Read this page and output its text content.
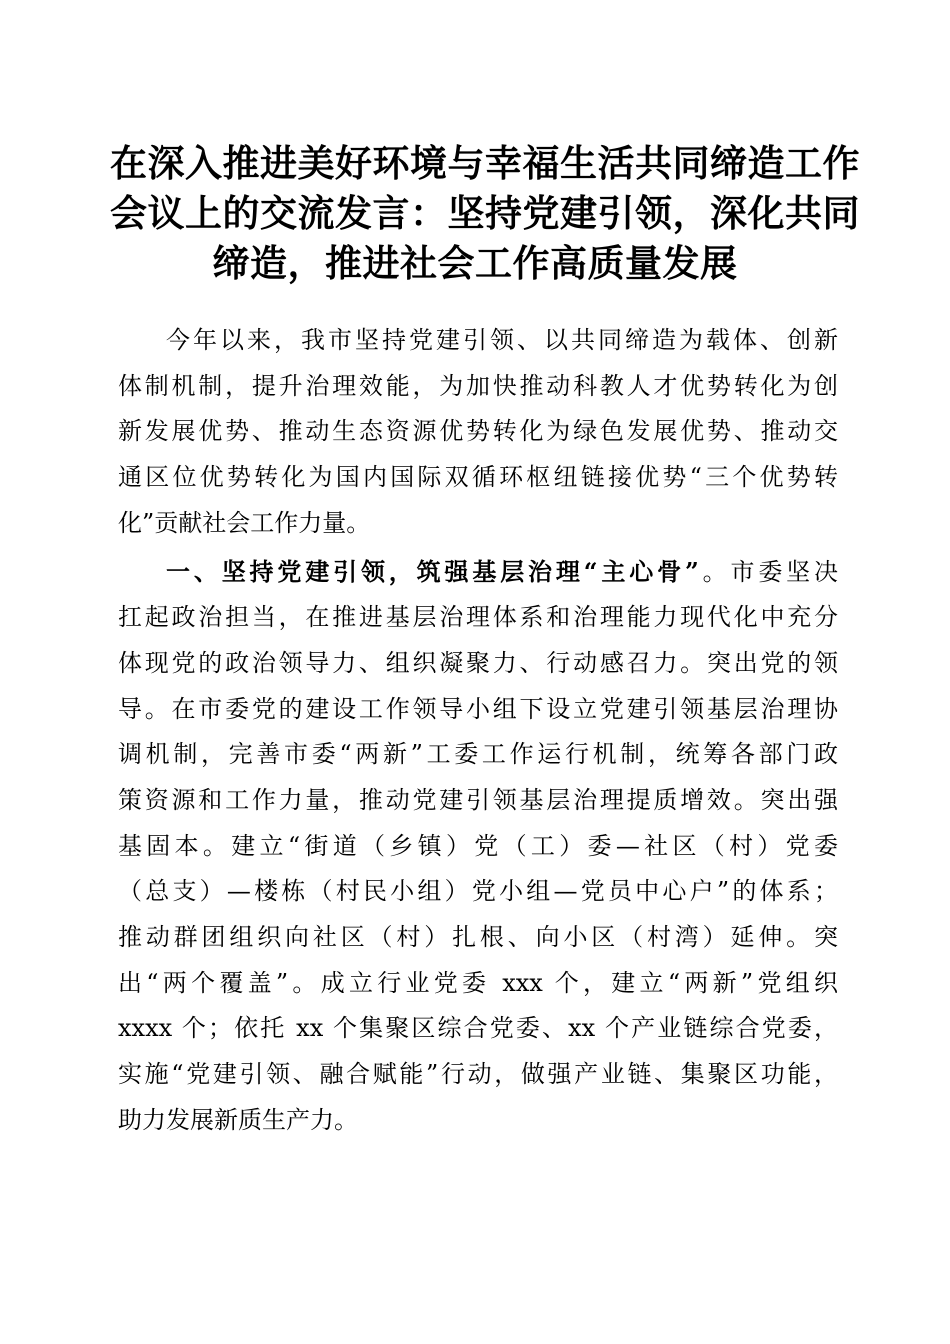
在深入推进美好环境与幸福生活共同缔造工作
会议上的交流发言：坚持党建引领，深化共同
缔造，推进社会工作高质量发展
今年以来，我市坚持党建引领、以共同缔造为载体、创新
体制机制，提升治理效能，为加快推动科教人才优势转化为创
新发展优势、推动生态资源优势转化为绿色发展优势、推动交
通区位优势转化为国内国际双循环枢纽链接优势“三个优势转
化”贡献社会工作力量。
一、坚持党建引领，筑强基层治理“主心骨”。市委坚决
扛起政治担当，在推进基层治理体系和治理能力现代化中充分
体现党的政治领导力、组织凝聚力、行动感召力。突出党的领
导。在市委党的建设工作领导小组下设立党建引领基层治理协
调机制，完善市委“两新”工委工作运行机制，统筹各部门政
策资源和工作力量，推动党建引领基层治理提质增效。突出强
基固本。建立“街道（乡镇）党（工）委—社区（村）党委
（总支）—楼栋（村民小组）党小组—党员中心户”的体系；
推动群团组织向社区（村）扎根、向小区（村湾）延伸。突
出“两个覆盖”。成立行业党委 xxx 个，建立“两新”党组织
xxxx 个；依托 xx 个集聚区综合党委、xx 个产业链综合党委，
实施“党建引领、融合赋能”行动，做强产业链、集聚区功能，
助力发展新质生产力。
